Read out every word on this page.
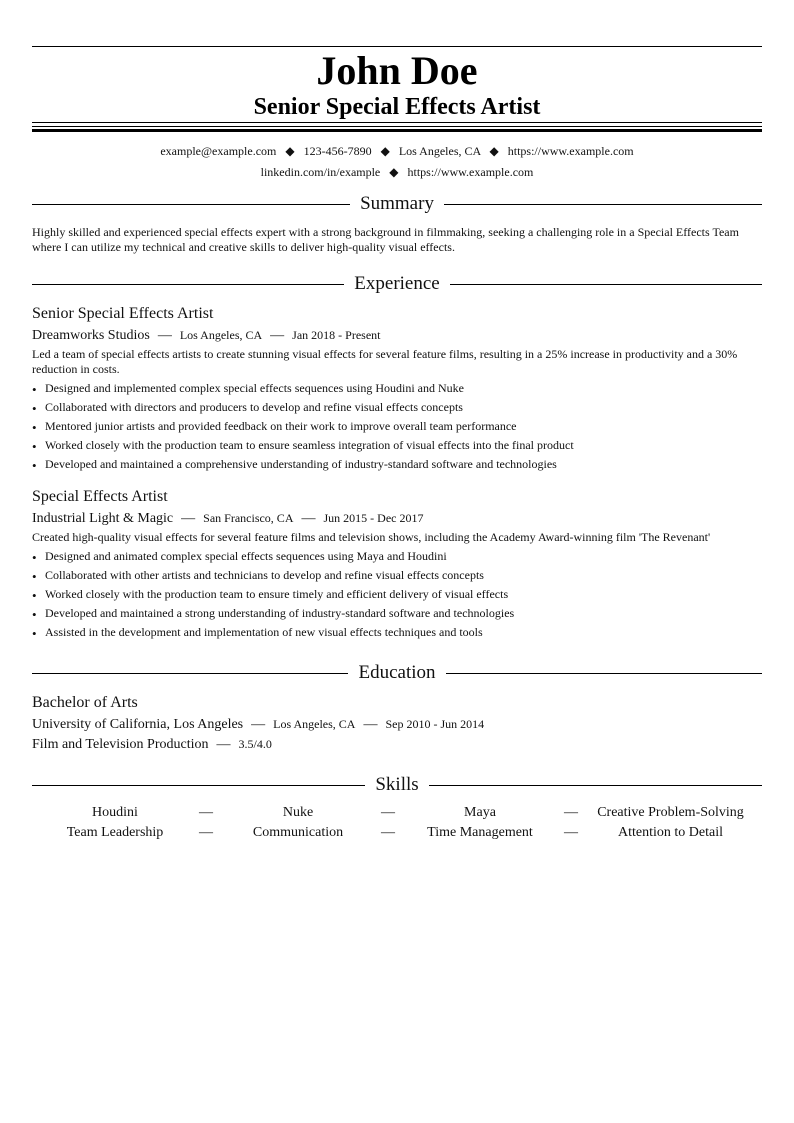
John Doe
Senior Special Effects Artist
example@example.com ◆ 123-456-7890 ◆ Los Angeles, CA ◆ https://www.example.com
linkedin.com/in/example ◆ https://www.example.com
Summary
Highly skilled and experienced special effects expert with a strong background in filmmaking, seeking a challenging role in a Special Effects Team where I can utilize my technical and creative skills to deliver high-quality visual effects.
Experience
Senior Special Effects Artist
Dreamworks Studios — Los Angeles, CA — Jan 2018 - Present
Led a team of special effects artists to create stunning visual effects for several feature films, resulting in a 25% increase in productivity and a 30% reduction in costs.
• Designed and implemented complex special effects sequences using Houdini and Nuke
• Collaborated with directors and producers to develop and refine visual effects concepts
• Mentored junior artists and provided feedback on their work to improve overall team performance
• Worked closely with the production team to ensure seamless integration of visual effects into the final product
• Developed and maintained a comprehensive understanding of industry-standard software and technologies
Special Effects Artist
Industrial Light & Magic — San Francisco, CA — Jun 2015 - Dec 2017
Created high-quality visual effects for several feature films and television shows, including the Academy Award-winning film 'The Revenant'
• Designed and animated complex special effects sequences using Maya and Houdini
• Collaborated with other artists and technicians to develop and refine visual effects concepts
• Worked closely with the production team to ensure timely and efficient delivery of visual effects
• Developed and maintained a strong understanding of industry-standard software and technologies
• Assisted in the development and implementation of new visual effects techniques and tools
Education
Bachelor of Arts
University of California, Los Angeles — Los Angeles, CA — Sep 2010 - Jun 2014
Film and Television Production — 3.5/4.0
Skills
Houdini	—	Nuke	—	Maya	—	Creative Problem-Solving
Team Leadership	—	Communication	—	Time Management	—	Attention to Detail
